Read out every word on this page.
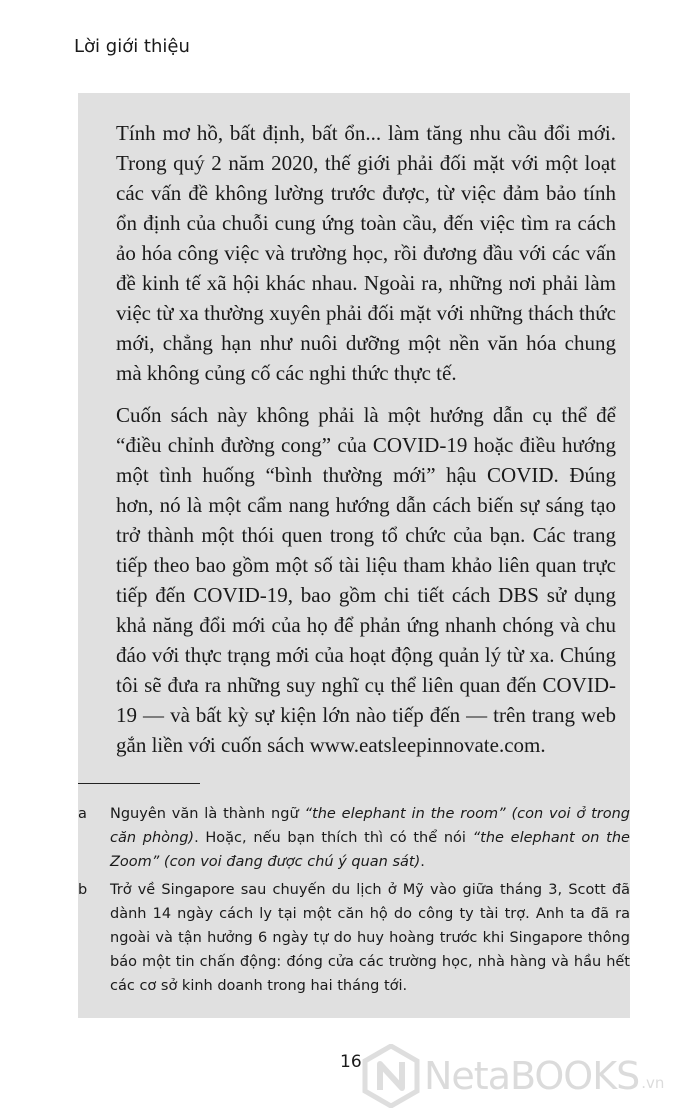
Lời giới thiệu

Tính mơ hồ, bất định, bất ổn... làm tăng nhu cầu đổi mới. Trong quý 2 năm 2020, thế giới phải đối mặt với một loạt các vấn đề không lường trước được, từ việc đảm bảo tính ổn định của chuỗi cung ứng toàn cầu, đến việc tìm ra cách ảo hóa công việc và trường học, rồi đương đầu với các vấn đề kinh tế xã hội khác nhau. Ngoài ra, những nơi phải làm việc từ xa thường xuyên phải đối mặt với những thách thức mới, chẳng hạn như nuôi dưỡng một nền văn hóa chung mà không củng cố các nghi thức thực tế.

Cuốn sách này không phải là một hướng dẫn cụ thể để “điều chỉnh đường cong” của COVID-19 hoặc điều hướng một tình huống “bình thường mới” hậu COVID. Đúng hơn, nó là một cẩm nang hướng dẫn cách biến sự sáng tạo trở thành một thói quen trong tổ chức của bạn. Các trang tiếp theo bao gồm một số tài liệu tham khảo liên quan trực tiếp đến COVID-19, bao gồm chi tiết cách DBS sử dụng khả năng đổi mới của họ để phản ứng nhanh chóng và chu đáo với thực trạng mới của hoạt động quản lý từ xa. Chúng tôi sẽ đưa ra những suy nghĩ cụ thể liên quan đến COVID-19 — và bất kỳ sự kiện lớn nào tiếp đến — trên trang web gắn liền với cuốn sách www.eatsleepinnovate.com.

a Nguyên văn là thành ngữ “the elephant in the room” (con voi ở trong căn phòng). Hoặc, nếu bạn thích thì có thể nói “the elephant on the Zoom” (con voi đang được chú ý quan sát).
b Trở về Singapore sau chuyến du lịch ở Mỹ vào giữa tháng 3, Scott đã dành 14 ngày cách ly tại một căn hộ do công ty tài trợ. Anh ta đã ra ngoài và tận hưởng 6 ngày tự do huy hoàng trước khi Singapore thông báo một tin chấn động: đóng cửa các trường học, nhà hàng và hầu hết các cơ sở kinh doanh trong hai tháng tới.
16 NetaBOOKS .vn
